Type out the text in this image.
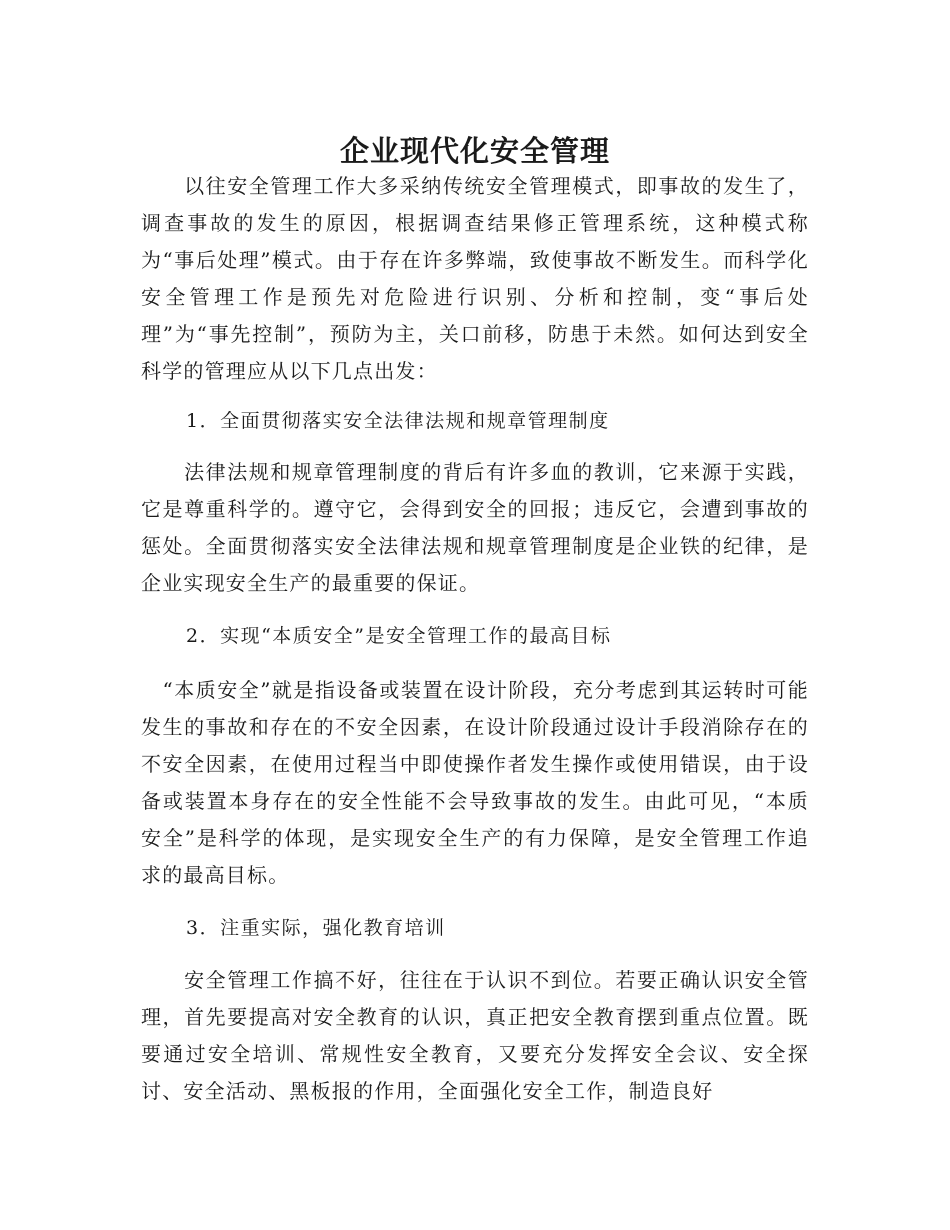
企业现代化安全管理

　　以往安全管理工作大多采纳传统安全管理模式，即事故的发生了，调查事故的发生的原因，根据调查结果修正管理系统，这种模式称为“事后处理”模式。由于存在许多弊端，致使事故不断发生。而科学化安全管理工作是预先对危险进行识别、分析和控制，变“事后处理”为“事先控制”，预防为主，关口前移，防患于未然。如何达到安全科学的管理应从以下几点出发：

1．全面贯彻落实安全法律法规和规章管理制度

　　法律法规和规章管理制度的背后有许多血的教训，它来源于实践，它是尊重科学的。遵守它，会得到安全的回报；违反它，会遭到事故的惩处。全面贯彻落实安全法律法规和规章管理制度是企业铁的纪律，是企业实现安全生产的最重要的保证。

2．实现“本质安全”是安全管理工作的最高目标

　“本质安全”就是指设备或装置在设计阶段，充分考虑到其运转时可能发生的事故和存在的不安全因素，在设计阶段通过设计手段消除存在的不安全因素，在使用过程当中即使操作者发生操作或使用错误，由于设备或装置本身存在的安全性能不会导致事故的发生。由此可见，“本质安全”是科学的体现，是实现安全生产的有力保障，是安全管理工作追求的最高目标。

3．注重实际，强化教育培训

　　安全管理工作搞不好，往往在于认识不到位。若要正确认识安全管理，首先要提高对安全教育的认识，真正把安全教育摆到重点位置。既要通过安全培训、常规性安全教育，又要充分发挥安全会议、安全探讨、安全活动、黑板报的作用，全面强化安全工作，制造良好
